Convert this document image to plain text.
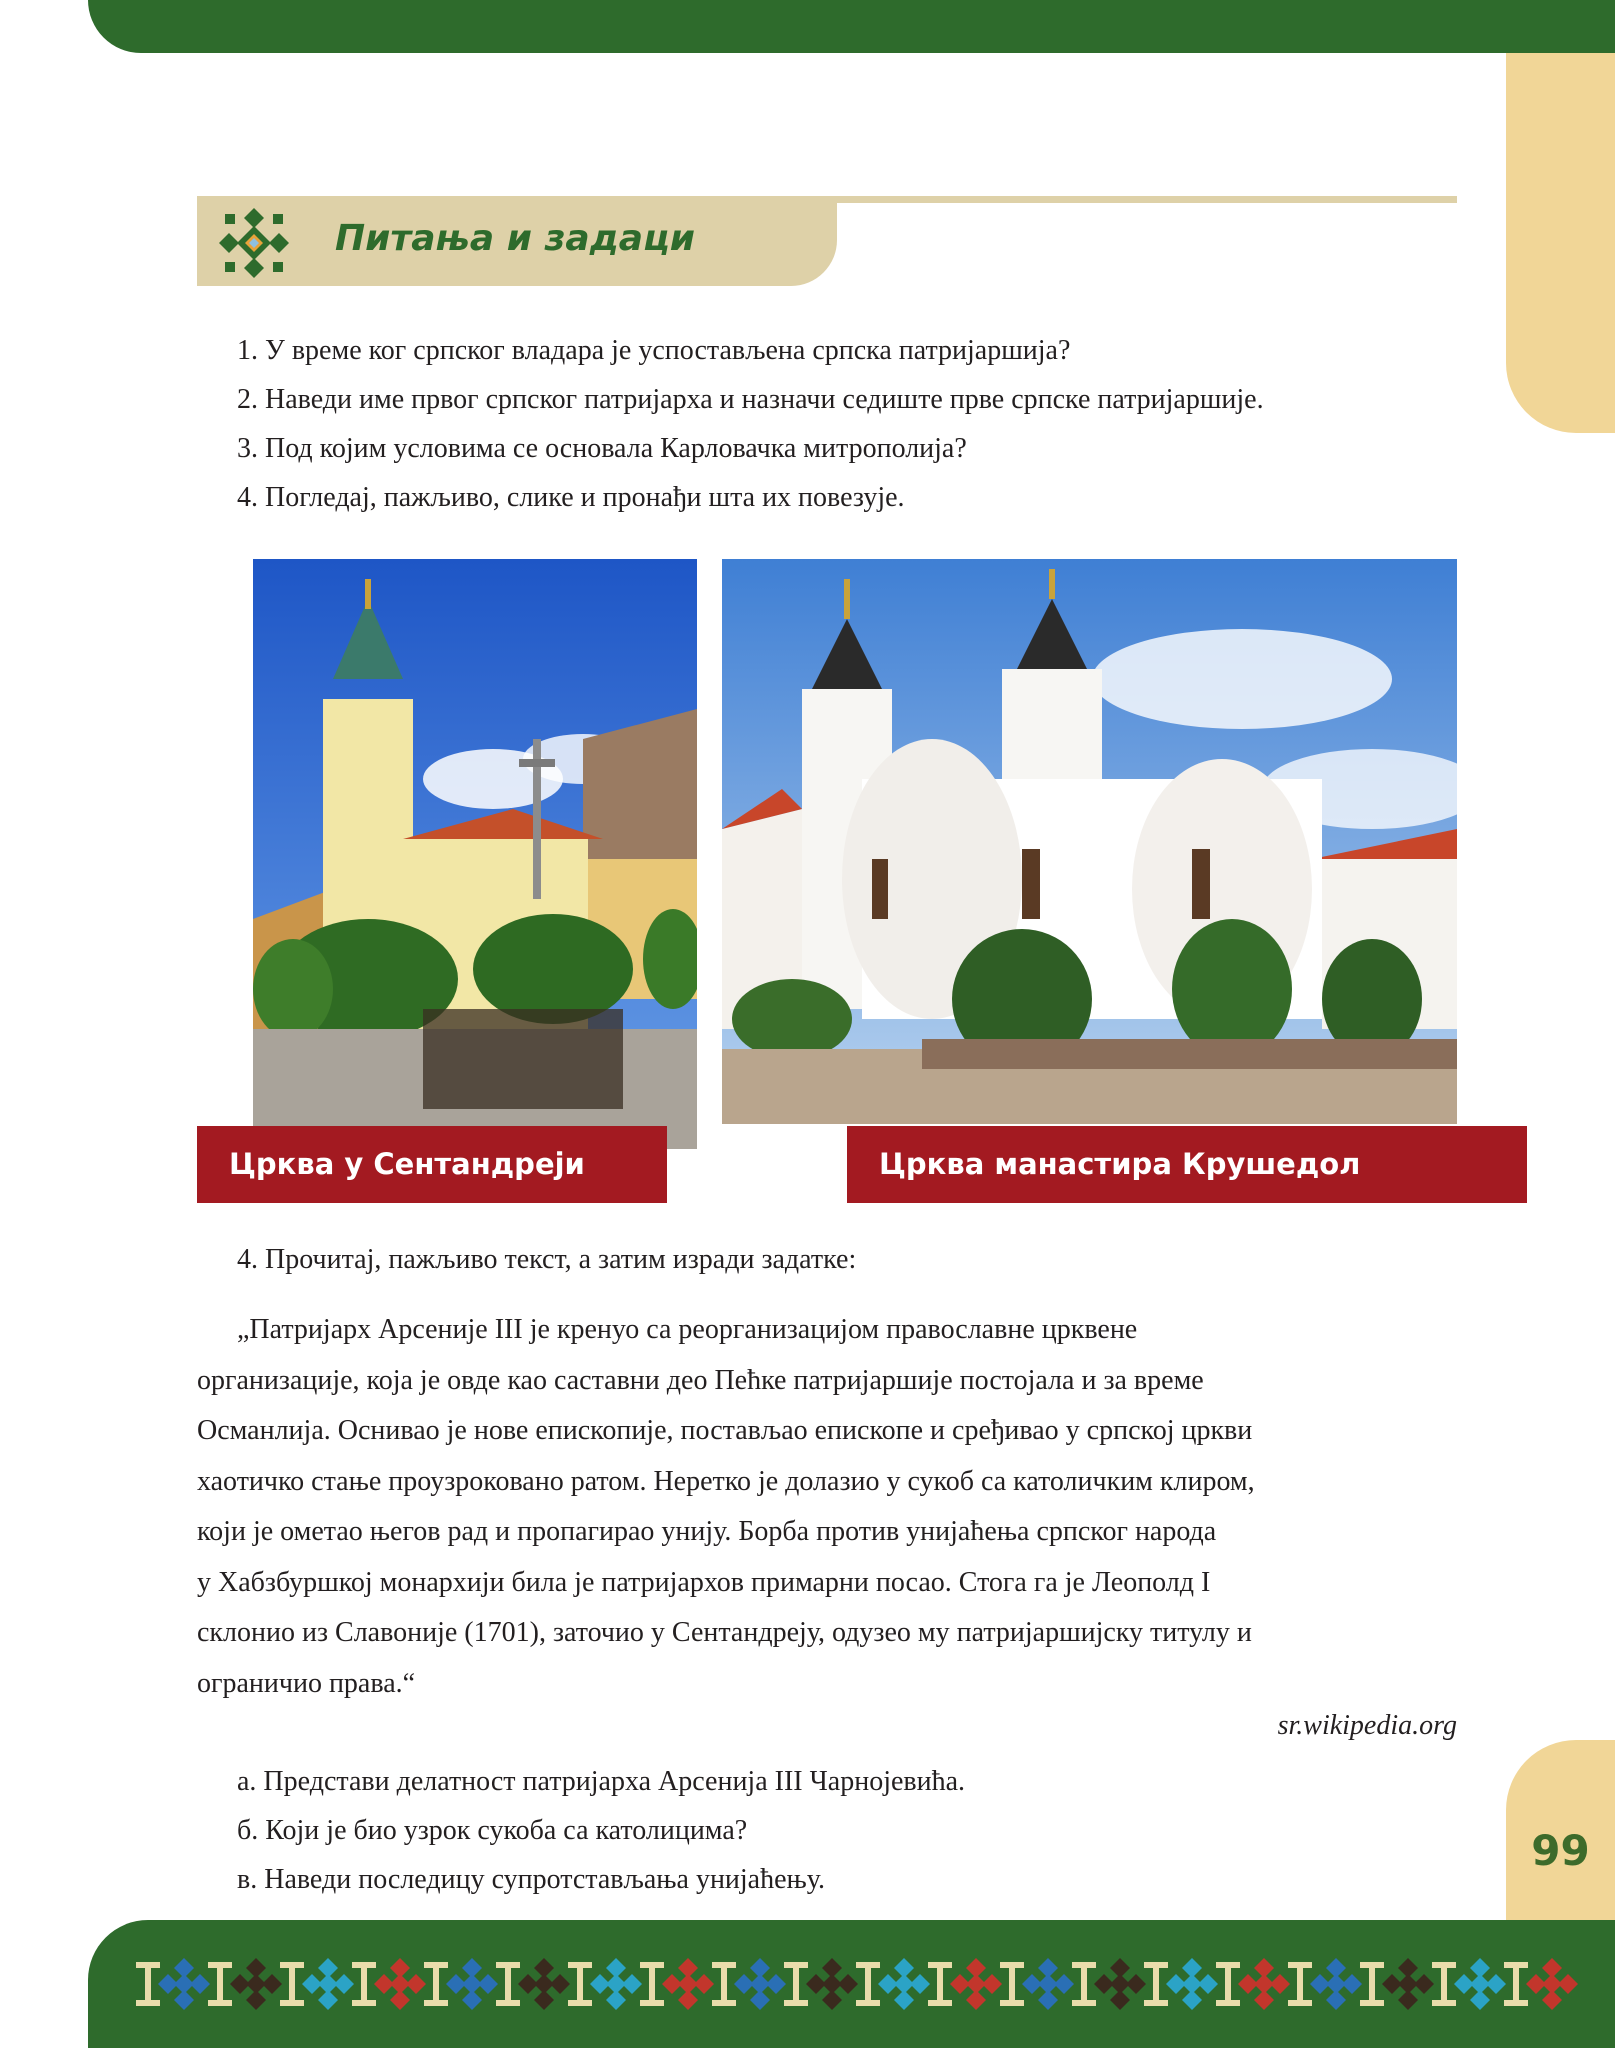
99
Питања и задаци
1. У време ког српског владара је успостављена српска патријаршија?
2. Наведи име првог српског патријарха и назначи седиште прве српске патријаршије.
3. Под којим условима се основала Карловачка митрополија?
4. Погледај, пажљиво, слике и пронађи шта их повезује.
Црква у Сентандреји	Црква манастира Крушедол
4. Прочитај, пажљиво текст, а затим изради задатке:
„Патријарх Арсеније III је кренуо са реорганизацијом православне црквене
организације, која је овде као саставни део Пећке патријаршије постојала и за време
Османлија. Оснивао је нове епископије, постављао епископе и сређивао у српској цркви
хаотичко стање проузроковано ратом. Неретко је долазио у сукоб са католичким клиром,
који је ометао његов рад и пропагирао унију. Борба против унијаћења српског народа
у Хабзбуршкој монархији била је патријархов примарни посао. Стога га је Леополд I
склонио из Славоније (1701), заточио у Сентандреју, одузео му патријаршијску титулу и
ограничио права.“
sr.wikipedia.org
а. Представи делатност патријарха Арсенија III Чарнојевића.
б. Који је био узрок сукоба са католицима?
в. Наведи последицу супротстављања унијаћењу.
